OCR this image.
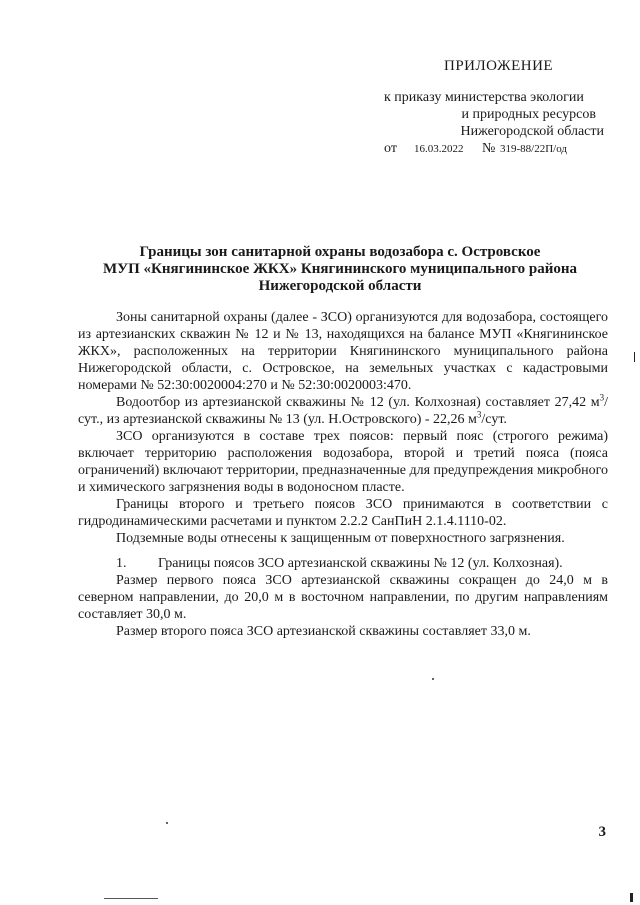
ПРИЛОЖЕНИЕ
к приказу министерства экологии
и природных ресурсов
Нижегородской области
от	16.03.2022	№ 319-88/22П/од
Границы зон санитарной охраны водозабора с. Островское
МУП «Княгининское ЖКХ» Княгининского муниципального района
Нижегородской области

Зоны санитарной охраны (далее - ЗСО) организуются для водозабора, состоящего из артезианских скважин № 12 и № 13, находящихся на балансе МУП «Княгининское ЖКХ», расположенных на территории Княгининского муниципального района Нижегородской области, с. Островское, на земельных участках с кадастровыми номерами № 52:30:0020004:270 и № 52:30:0020003:470.

Водоотбор из артезианской скважины № 12 (ул. Колхозная) составляет 27,42 $м^3$/сут., из артезианской скважины № 13 (ул. Н.Островского) - 22,26 $м^3$/сут.

ЗСО организуются в составе трех поясов: первый пояс (строгого режима) включает территорию расположения водозабора, второй и третий пояса (пояса ограничений) включают территории, предназначенные для предупреждения микробного и химического загрязнения воды в водоносном пласте.

Границы второго и третьего поясов ЗСО принимаются в соответствии с гидродинамическими расчетами и пунктом 2.2.2 СанПиН 2.1.4.1110-02.

Подземные воды отнесены к защищенным от поверхностного загрязнения.

1.	Границы поясов ЗСО артезианской скважины № 12 (ул. Колхозная).

Размер первого пояса ЗСО артезианской скважины сокращен до 24,0 м в северном направлении, до 20,0 м в восточном направлении, по другим направлениям составляет 30,0 м.

Размер второго пояса ЗСО артезианской скважины составляет 33,0 м.

3
